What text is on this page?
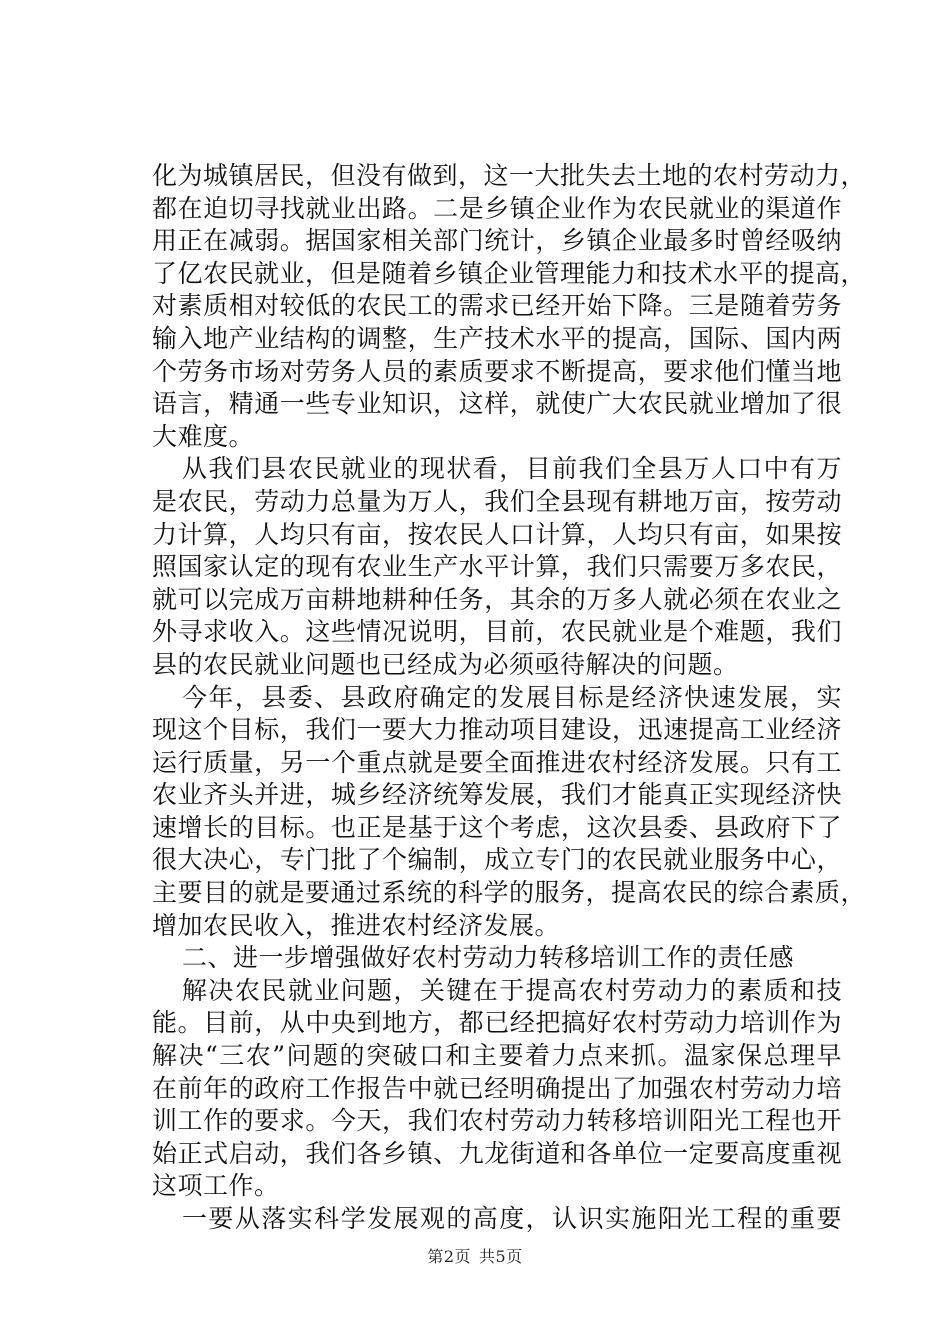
化为城镇居民，但没有做到，这一大批失去土地的农村劳动力，
都在迫切寻找就业出路。二是乡镇企业作为农民就业的渠道作
用正在减弱。据国家相关部门统计，乡镇企业最多时曾经吸纳
了亿农民就业，但是随着乡镇企业管理能力和技术水平的提高，
对素质相对较低的农民工的需求已经开始下降。三是随着劳务
输入地产业结构的调整，生产技术水平的提高，国际、国内两
个劳务市场对劳务人员的素质要求不断提高，要求他们懂当地
语言，精通一些专业知识，这样，就使广大农民就业增加了很
大难度。
从我们县农民就业的现状看，目前我们全县万人口中有万
是农民，劳动力总量为万人，我们全县现有耕地万亩，按劳动
力计算，人均只有亩，按农民人口计算，人均只有亩，如果按
照国家认定的现有农业生产水平计算，我们只需要万多农民，
就可以完成万亩耕地耕种任务，其余的万多人就必须在农业之
外寻求收入。这些情况说明，目前，农民就业是个难题，我们
县的农民就业问题也已经成为必须亟待解决的问题。
今年，县委、县政府确定的发展目标是经济快速发展，实
现这个目标，我们一要大力推动项目建设，迅速提高工业经济
运行质量，另一个重点就是要全面推进农村经济发展。只有工
农业齐头并进，城乡经济统筹发展，我们才能真正实现经济快
速增长的目标。也正是基于这个考虑，这次县委、县政府下了
很大决心，专门批了个编制，成立专门的农民就业服务中心，
主要目的就是要通过系统的科学的服务，提高农民的综合素质，
增加农民收入，推进农村经济发展。
二、进一步增强做好农村劳动力转移培训工作的责任感
解决农民就业问题，关键在于提高农村劳动力的素质和技
能。目前，从中央到地方，都已经把搞好农村劳动力培训作为
解决“三农”问题的突破口和主要着力点来抓。温家保总理早
在前年的政府工作报告中就已经明确提出了加强农村劳动力培
训工作的要求。今天，我们农村劳动力转移培训阳光工程也开
始正式启动，我们各乡镇、九龙街道和各单位一定要高度重视
这项工作。
一要从落实科学发展观的高度，认识实施阳光工程的重要
第2页 共5页
